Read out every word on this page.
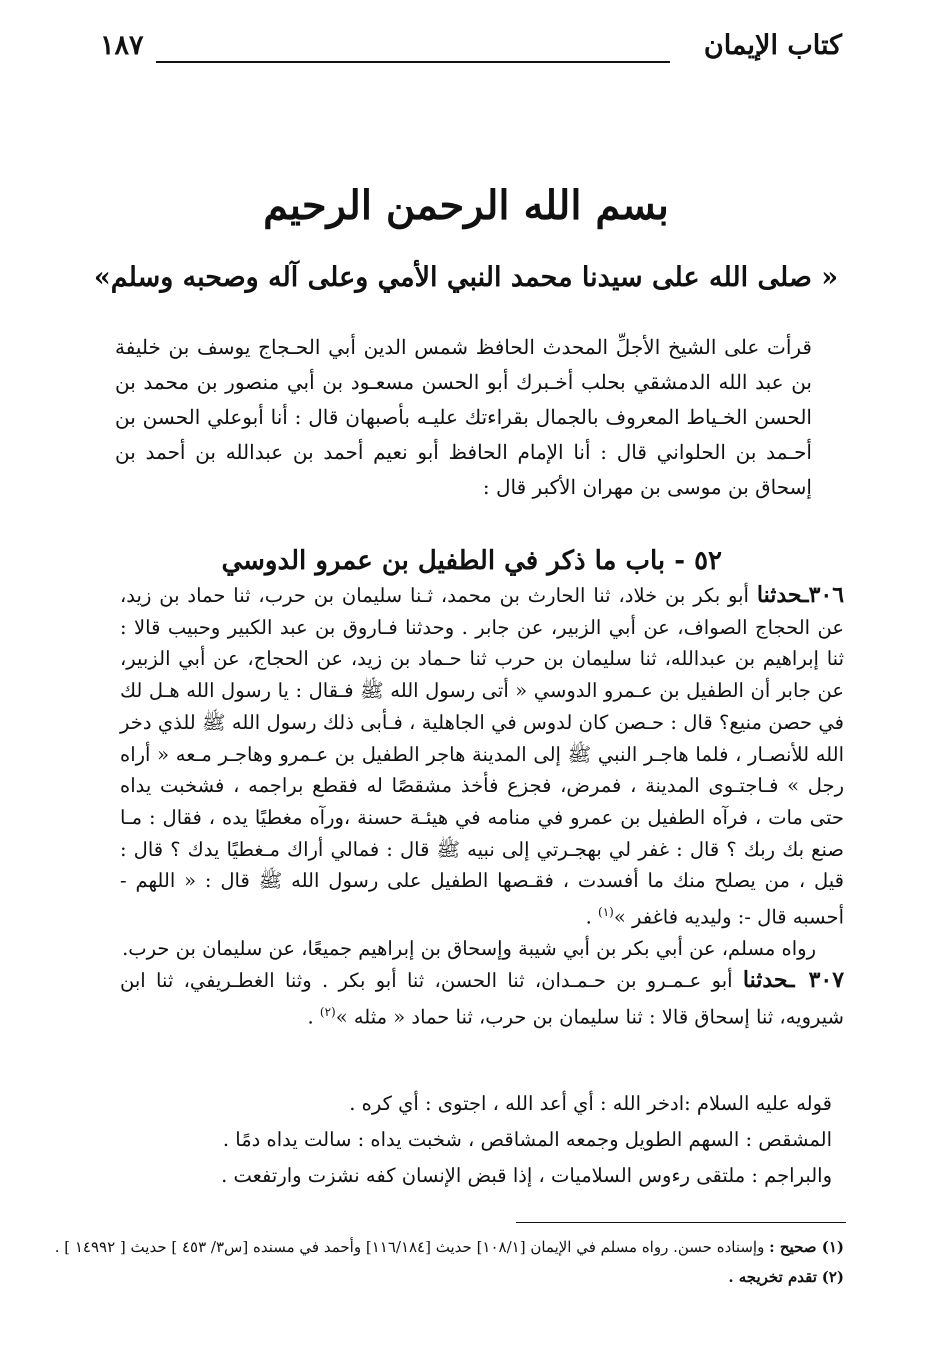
كتاب الإيمان
١٨٧
بسم الله الرحمن الرحيم
« صلى الله على سيدنا محمد النبي الأمي وعلى آله وصحبه وسلم»

قرأت على الشيخ الأجلِّ المحدث الحافظ شمس الدين أبي الحـجاج يوسف بن خليفة بن عبد الله الدمشقي بحلب أخـبرك أبو الحسن مسعـود بن أبي منصور بن محمد بن الحسن الخـياط المعروف بالجمال بقراءتك عليـه بأصبهان قال : أنا أبوعلي الحسن بن أحـمد بن الحلواني قال : أنا الإمام الحافظ أبو نعيم أحمد بن عبدالله بن أحمد بن إسحاق بن موسى بن مهران الأكبر قال :

٥٢ - باب ما ذكر في الطفيل بن عمرو الدوسي

٣٠٦ـحدثنا أبو بكر بن خلاد، ثنا الحارث بن محمد، ثـنا سليمان بن حرب، ثنا حماد بن زيد، عن الحجاج الصواف، عن أبي الزبير، عن جابر . وحدثنا فـاروق بن عبد الكبير وحبيب قالا : ثنا إبراهيم بن عبدالله، ثنا سليمان بن حرب ثنا حـماد بن زيد، عن الحجاج، عن أبي الزبير، عن جابر أن الطفيل بن عـمرو الدوسي « أتى رسول الله ﷺ فـقال : يا رسول الله هـل لك في حصن منيع؟ قال : حـصن كان لدوس في الجاهلية ، فـأبى ذلك رسول الله ﷺ للذي دخر الله للأنصـار ، فلما هاجـر النبي ﷺ إلى المدينة هاجر الطفيل بن عـمرو وهاجـر مـعه « أراه رجل » فـاجتـوى المدينة ، فمرض، فجزع فأخذ مشقصًا له فقطع براجمه ، فشخبت يداه حتى مات ، فرآه الطفيل بن عمرو في منامه في هيئـة حسنة ،ورآه مغطيًا يده ، فقال : مـا صنع بك ربك ؟ قال : غفر لي بهجـرتي إلى نبيه ﷺ قال : فمالي أراك مـغطيًا يدك ؟ قال : قيل ، من يصلح منك ما أفسدت ، فقـصها الطفيل على رسول الله ﷺ قال : « اللهم - أحسبه قال -: وليديه فاغفر »$^{(١)}$ .

رواه مسلم، عن أبي بكر بن أبي شيبة وإسحاق بن إبراهيم جميعًا، عن سليمان بن حرب.

٣٠٧ـحدثنا أبو عـمـرو بن حـمـدان، ثنا الحسن، ثنا أبو بكر . وثنا الغطـريفي، ثنا ابن شيرويه، ثنا إسحاق قالا : ثنا سليمان بن حرب، ثنا حماد « مثله »$^{(٢)}$ .

قوله عليه السلام :ادخر الله : أي أعد الله ، اجتوى : أي كره .

المشقص : السهم الطويل وجمعه المشاقص ، شخبت يداه : سالت يداه دمًا .

والبراجم : ملتقى رءوس السلاميات ، إذا قبض الإنسان كفه نشزت وارتفعت .

(١) صحيح : وإسناده حسن. رواه مسلم في الإيمان [١٠٨/١] حديث [١١٦/١٨٤] وأحمد في مسنده [س٣/ ٤٥٣ ] حديث [ ١٤٩٩٢ ] .

(٢) تقدم تخريجه .
